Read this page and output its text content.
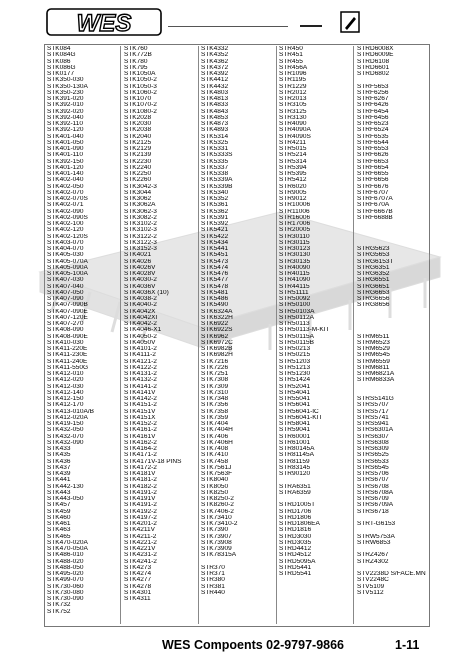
WES
STK084
STK084G
STK086
STK086G
STK0177
STK350-030
STK350-130A
STK350-230
STK391-020
STK392-010
STK392-020
STK392-040
STK392-110
STK392-120
STK401-040
STK401-050
STK401-090
STK401-110
STK392-150
STK401-120
STK401-140
STK402-040
STK402-050
STK402-070
STK402-070S
STK402-071
STK402-090
STK402-090S
STK402-100
STK402-120
STK402-120S
STK403-070
STK404-070
STK405-030
STK405-070A
STK405-090A
STK405-100A
STK407-030
STK407-040
STK407-050
STK407-090
STK407-090B
STK407-090E
STK407-120E
STK407-270
STK408-090
STK408-090E
STK410-030
STK411-220E
STK411-230E
STK411-240E
STK411-550G
STK412-010
STK412-020
STK412-030
STK412-140
STK412-150
STK412-170
STK413-010A/B
STK412-020A
STK419-150
STK432-050
STK432-070
STK432-090
STK433
STK435
STK436
STK437
STK439
STK441
STK442-130
STK443
STK443-050
STK457
STK459
STK460
STK461
STK463
STK465
STK470-020A
STK470-050A
STK486-010
STK488-020
STK488-050
STK495-020
STK499-070
STK730-060
STK730-080
STK730-090
STK732
STK752
STK760
STK772B
STK780
STK795
STK1050A
STK1050-2
STK1050-3
STK1060-2
STK1070
STK1070-2
STK1080-2
STK2028
STK2030
STK2038
STK2040
STK2125
STK2129
STK2139
STK2230
STK2240
STK2250
STK2260
STK3042-3
STK3044
STK3062
STK3062A
STK3062-3
STK3082-2
STK3102-2
STK3102-3
STK3122-2
STK3122-3
STK3152-3
STK4021
STK4026
STK4026V
STK4028V
STK4030-2
STK4036V
STK4036X (10)
STK4038-2
STK4040-2
STK4042X
STK4042XI
STK4042-2
STK4046-X1
STK4050-2
STK4050V
STK4101-2
STK4111-2
STK4121-2
STK4122-2
STK4131-2
STK4132-2
STK4141-2
STK4141V
STK4142-2
STK4151-2
STK4151V
STK4151X
STK4152-2
STK4161-2
STK4161V
STK4162-2
STK4164-2
STK4171-2
STK4171V-18 PINS
STK4172-2
STK4181V
STK4181-2
STK4182-2
STK4191-2
STK4191V
STK4191-2
STK4192-2
STK4197-2
STK4201-2
STK4211V
STK4211-2
STK4221-2
STK4221V
STK4231-2
STK4241-2
STK4273
STK4274
STK4277
STK4278
STK4301
STK4311
STK4332
STK4352
STK4362
STK4372
STK4392
STK4412
STK4432
STK4803
STK4813
STK4833
STK4843
STK4853
STK4873
STK4893
STK5314
STK5325
STK5331
STK5333S
STK5335
STK5337
STK5338
STK5339A
STK5339B
STK5340
STK5352
STK5361
STK5362
STK5391
STK5392
STK5421
STK5422
STK5434
STK5441
STK5451
STK5473
STK5474
STK5476
STK5477
STK5478
STK5481
STK5486
STK5490
STK6324A
STK6322H
STK6922
STK6922S
STK6962
STK6972C
STK6982B
STK6982H
STK7216
STK7226
STK7251
STK7308
STK7309
STK7310
STK7348
STK7356
STK7358
STK7359
STK7404
STK7404H
STK7406
STK7406H
STK7408
STK7410
STK7458
STK7561J
STK7563F
STK8040
STK8050
STK8250
STK8250-2
STK8260-2
STK7406-2
STK73410
STK73410-2
STK7390
STK73907
STK73908
STK73909
STK78315A
STR370
STR371
STR380
STR381
STR440
STR450
STR451
STR455
STR456A
STR1096
STR1195
STR1229
STR2012
STR2013
STR3105
STR3125
STR3130
STR4090
STR4090A
STR4090S
STR4211
STR5015
STR5214
STR5314
STR5394
STR5395
STR5412
STR6020
STR9005
STR9012
STR10006
STR11006
STR16006
STR17006
STR20005
STR30110
STR30115
STR30123
STR30130
STR30135
STR40090
STR40115
STR41090
STR44115
STR51111
STR50092
STR50100
STR50103A
STR50112A
STR50113
STR50113-M-KIT
STR50115A
STR50115B
STR50213
STR50215
STR51203
STR51213
STR51230
STR51424
STR52041
STR54041
STR55041
STR56041
STR56041-IC
STR56041-KIT
STR58041
STR59041
STR60001
STR61001
STR80145A
STR81145A
STR81159
STR83145
STR90120
STRA6351
STRA6359
STRD1005T
STRD1706
STRD1806
STRD1806EA
STRD1816
STRD3030
STRD3035
STRD4412
STRD4512
STRD5095A
STRD5441
STRD5541
STRD6008X
STRD6009E
STRD6108
STRD6601
STRD6802
STRF5653
STRF6256
STRF6267
STRF6426
STRF6454
STRF6456
STRF6523
STRF6524
STRF6535
STRF6544
STRF6553
STRF6626
STRF6653
STRF6654
STRF6655
STRF6656
STRF6676
STRF6707
STRF6707A
STRF670A
STRF6667B
STRF6688B
STRG5623
STRG5653
STRG6153T
STRG6351
STRG6352
STRG6551
STRG6651
STRG6653
STRG6656
STRG8656
STRM6511
STRM6523
STRM6529
STRM6545
STRM6559
STRM6811
STRM6821A
STRM6833A
STRS5141G
STRS5707
STRS5717
STRS5741
STRS5941
STRS6301A
STRS6307
STRS6308
STRS6309
STRS6525
STRS6533
STRS6545
STRS5706
STRS6707
STRS6708
STRS6708A
STRS6709
STRS6709A
STRS6718
STRT-G6153
STRW5753A
STRW6853
STRZ4267
STRZ4302
STV2238D S/FACE.MN
STV2248C
STV5109
STV5112
WES Compoents 02-9797-9866	1-11
